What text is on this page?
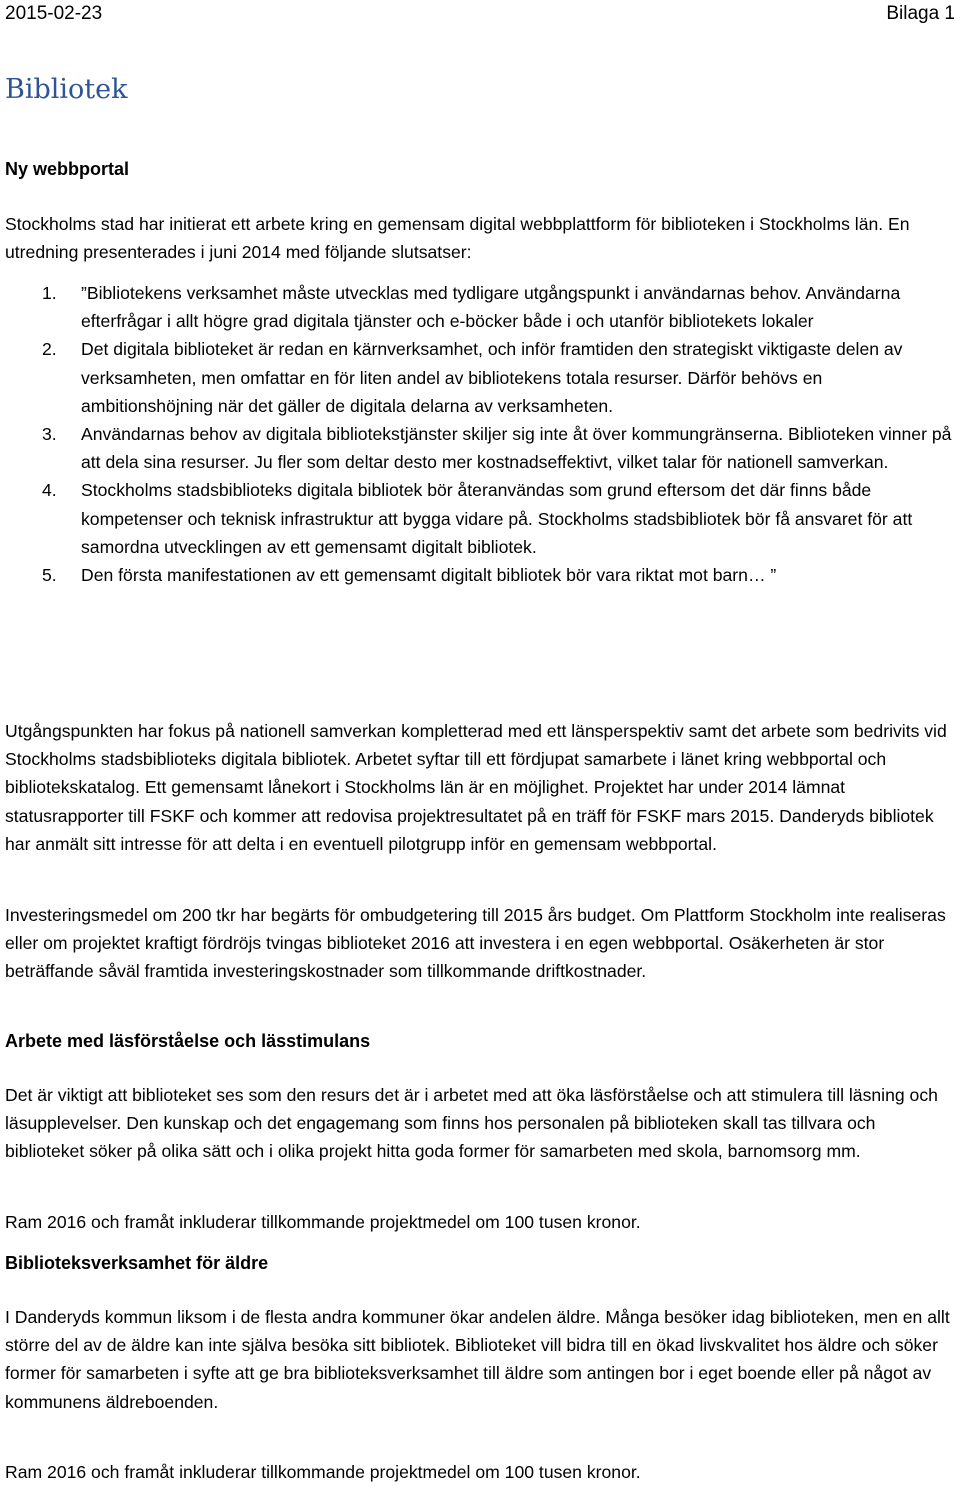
2015-02-23	Bilaga 1
Bibliotek
Ny webbportal

Stockholms stad har initierat ett arbete kring en gemensam digital webbplattform för biblioteken i Stockholms län. En utredning presenterades i juni 2014 med följande slutsatser:

1. ”Bibliotekens verksamhet måste utvecklas med tydligare utgångspunkt i användarnas behov. Användarna efterfrågar i allt högre grad digitala tjänster och e-böcker både i och utanför bibliotekets lokaler
2. Det digitala biblioteket är redan en kärnverksamhet, och inför framtiden den strategiskt viktigaste delen av verksamheten, men omfattar en för liten andel av bibliotekens totala resurser. Därför behövs en ambitionshöjning när det gäller de digitala delarna av verksamheten.
3. Användarnas behov av digitala bibliotekstjänster skiljer sig inte åt över kommungränserna. Biblioteken vinner på att dela sina resurser. Ju fler som deltar desto mer kostnadseffektivt, vilket talar för nationell samverkan.
4. Stockholms stadsbiblioteks digitala bibliotek bör återanvändas som grund eftersom det där finns både kompetenser och teknisk infrastruktur att bygga vidare på. Stockholms stadsbibliotek bör få ansvaret för att samordna utvecklingen av ett gemensamt digitalt bibliotek.
5. Den första manifestationen av ett gemensamt digitalt bibliotek bör vara riktat mot barn… ”

Utgångspunkten har fokus på nationell samverkan kompletterad med ett länsperspektiv samt det arbete som bedrivits vid Stockholms stadsbiblioteks digitala bibliotek. Arbetet syftar till ett fördjupat samarbete i länet kring webbportal och bibliotekskatalog. Ett gemensamt lånekort i Stockholms län är en möjlighet. Projektet har under 2014 lämnat statusrapporter till FSKF och kommer att redovisa projektresultatet på en träff för FSKF mars 2015. Danderyds bibliotek har anmält sitt intresse för att delta i en eventuell pilotgrupp inför en gemensam webbportal.

Investeringsmedel om 200 tkr har begärts för ombudgetering till 2015 års budget. Om Plattform Stockholm inte realiseras eller om projektet kraftigt fördröjs tvingas biblioteket 2016 att investera i en egen webbportal. Osäkerheten är stor beträffande såväl framtida investeringskostnader som tillkommande driftkostnader.

Arbete med läsförståelse och lässtimulans

Det är viktigt att biblioteket ses som den resurs det är i arbetet med att öka läsförståelse och att stimulera till läsning och läsupplevelser. Den kunskap och det engagemang som finns hos personalen på biblioteken skall tas tillvara och biblioteket söker på olika sätt och i olika projekt hitta goda former för samarbeten med skola, barnomsorg mm.

Ram 2016 och framåt inkluderar tillkommande projektmedel om 100 tusen kronor.

Biblioteksverksamhet för äldre

I Danderyds kommun liksom i de flesta andra kommuner ökar andelen äldre. Många besöker idag biblioteken, men en allt större del av de äldre kan inte själva besöka sitt bibliotek. Biblioteket vill bidra till en ökad livskvalitet hos äldre och söker former för samarbeten i syfte att ge bra biblioteksverksamhet till äldre som antingen bor i eget boende eller på något av kommunens äldreboenden.

Ram 2016 och framåt inkluderar tillkommande projektmedel om 100 tusen kronor.
